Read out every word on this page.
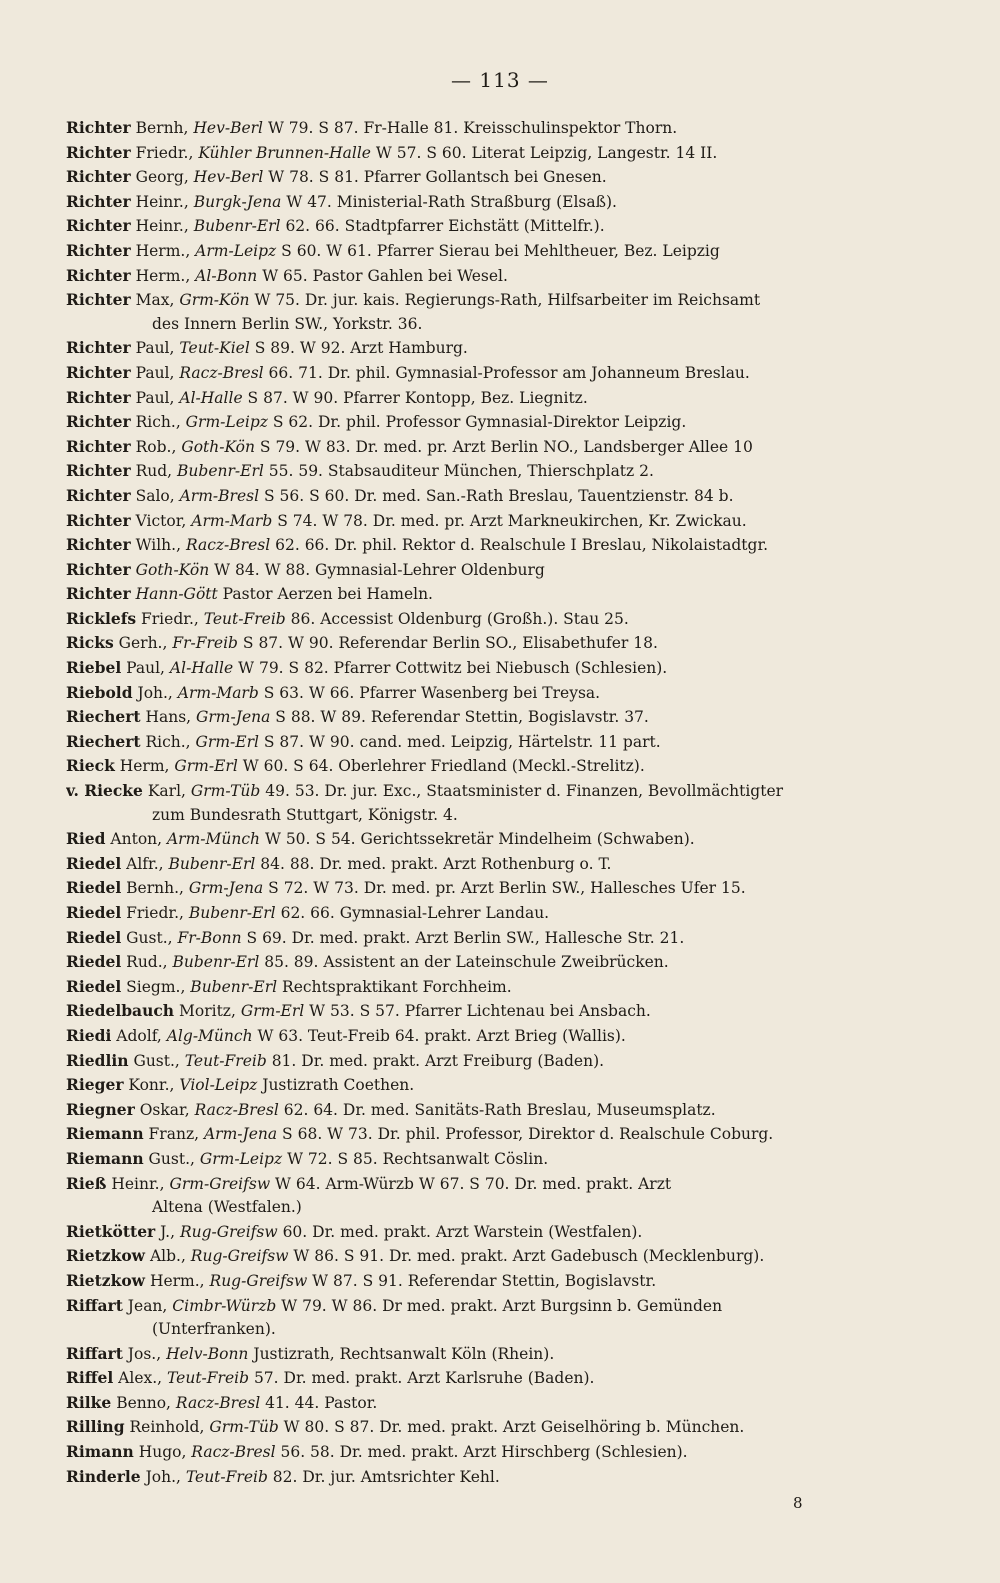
— 113 —
Richter Bernh, Hev-Berl W 79. S 87. Fr-Halle 81. Kreisschulinspektor Thorn.
Richter Friedr., Kühler Brunnen-Halle W 57. S 60. Literat Leipzig, Langestr. 14 II.
Richter Georg, Hev-Berl W 78. S 81. Pfarrer Gollantsch bei Gnesen.
Richter Heinr., Burgk-Jena W 47. Ministerial-Rath Straßburg (Elsaß).
Richter Heinr., Bubenr-Erl 62. 66. Stadtpfarrer Eichstätt (Mittelfr.).
Richter Herm., Arm-Leipz S 60. W 61. Pfarrer Sierau bei Mehltheuer, Bez. Leipzig
Richter Herm., Al-Bonn W 65. Pastor Gahlen bei Wesel.
Richter Max, Grm-Kön W 75. Dr. jur. kais. Regierungs-Rath, Hilfsarbeiter im Reichsamt
des Innern Berlin SW., Yorkstr. 36.
Richter Paul, Teut-Kiel S 89. W 92. Arzt Hamburg.
Richter Paul, Racz-Bresl 66. 71. Dr. phil. Gymnasial-Professor am Johanneum Breslau.
Richter Paul, Al-Halle S 87. W 90. Pfarrer Kontopp, Bez. Liegnitz.
Richter Rich., Grm-Leipz S 62. Dr. phil. Professor Gymnasial-Direktor Leipzig.
Richter Rob., Goth-Kön S 79. W 83. Dr. med. pr. Arzt Berlin NO., Landsberger Allee 10
Richter Rud, Bubenr-Erl 55. 59. Stabsauditeur München, Thierschplatz 2.
Richter Salo, Arm-Bresl S 56. S 60. Dr. med. San.-Rath Breslau, Tauentzienstr. 84 b.
Richter Victor, Arm-Marb S 74. W 78. Dr. med. pr. Arzt Markneukirchen, Kr. Zwickau.
Richter Wilh., Racz-Bresl 62. 66. Dr. phil. Rektor d. Realschule I Breslau, Nikolaistadtgr.
Richter Goth-Kön W 84. W 88. Gymnasial-Lehrer Oldenburg
Richter Hann-Gött Pastor Aerzen bei Hameln.
Ricklefs Friedr., Teut-Freib 86. Accessist Oldenburg (Großh.). Stau 25.
Ricks Gerh., Fr-Freib S 87. W 90. Referendar Berlin SO., Elisabethufer 18.
Riebel Paul, Al-Halle W 79. S 82. Pfarrer Cottwitz bei Niebusch (Schlesien).
Riebold Joh., Arm-Marb S 63. W 66. Pfarrer Wasenberg bei Treysa.
Riechert Hans, Grm-Jena S 88. W 89. Referendar Stettin, Bogislavstr. 37.
Riechert Rich., Grm-Erl S 87. W 90. cand. med. Leipzig, Härtelstr. 11 part.
Rieck Herm, Grm-Erl W 60. S 64. Oberlehrer Friedland (Meckl.-Strelitz).
v. Riecke Karl, Grm-Tüb 49. 53. Dr. jur. Exc., Staatsminister d. Finanzen, Bevollmächtigter
zum Bundesrath Stuttgart, Königstr. 4.
Ried Anton, Arm-Münch W 50. S 54. Gerichtssekretär Mindelheim (Schwaben).
Riedel Alfr., Bubenr-Erl 84. 88. Dr. med. prakt. Arzt Rothenburg o. T.
Riedel Bernh., Grm-Jena S 72. W 73. Dr. med. pr. Arzt Berlin SW., Hallesches Ufer 15.
Riedel Friedr., Bubenr-Erl 62. 66. Gymnasial-Lehrer Landau.
Riedel Gust., Fr-Bonn S 69. Dr. med. prakt. Arzt Berlin SW., Hallesche Str. 21.
Riedel Rud., Bubenr-Erl 85. 89. Assistent an der Lateinschule Zweibrücken.
Riedel Siegm., Bubenr-Erl Rechtspraktikant Forchheim.
Riedelbauch Moritz, Grm-Erl W 53. S 57. Pfarrer Lichtenau bei Ansbach.
Riedi Adolf, Alg-Münch W 63. Teut-Freib 64. prakt. Arzt Brieg (Wallis).
Riedlin Gust., Teut-Freib 81. Dr. med. prakt. Arzt Freiburg (Baden).
Rieger Konr., Viol-Leipz Justizrath Coethen.
Riegner Oskar, Racz-Bresl 62. 64. Dr. med. Sanitäts-Rath Breslau, Museumsplatz.
Riemann Franz, Arm-Jena S 68. W 73. Dr. phil. Professor, Direktor d. Realschule Coburg.
Riemann Gust., Grm-Leipz W 72. S 85. Rechtsanwalt Cöslin.
Rieß Heinr., Grm-Greifsw W 64. Arm-Würzb W 67. S 70. Dr. med. prakt. Arzt
Altena (Westfalen.)
Rietkötter J., Rug-Greifsw 60. Dr. med. prakt. Arzt Warstein (Westfalen).
Rietzkow Alb., Rug-Greifsw W 86. S 91. Dr. med. prakt. Arzt Gadebusch (Mecklenburg).
Rietzkow Herm., Rug-Greifsw W 87. S 91. Referendar Stettin, Bogislavstr.
Riffart Jean, Cimbr-Würzb W 79. W 86. Dr med. prakt. Arzt Burgsinn b. Gemünden
(Unterfranken).
Riffart Jos., Helv-Bonn Justizrath, Rechtsanwalt Köln (Rhein).
Riffel Alex., Teut-Freib 57. Dr. med. prakt. Arzt Karlsruhe (Baden).
Rilke Benno, Racz-Bresl 41. 44. Pastor.
Rilling Reinhold, Grm-Tüb W 80. S 87. Dr. med. prakt. Arzt Geiselhöring b. München.
Rimann Hugo, Racz-Bresl 56. 58. Dr. med. prakt. Arzt Hirschberg (Schlesien).
Rinderle Joh., Teut-Freib 82. Dr. jur. Amtsrichter Kehl.
8
